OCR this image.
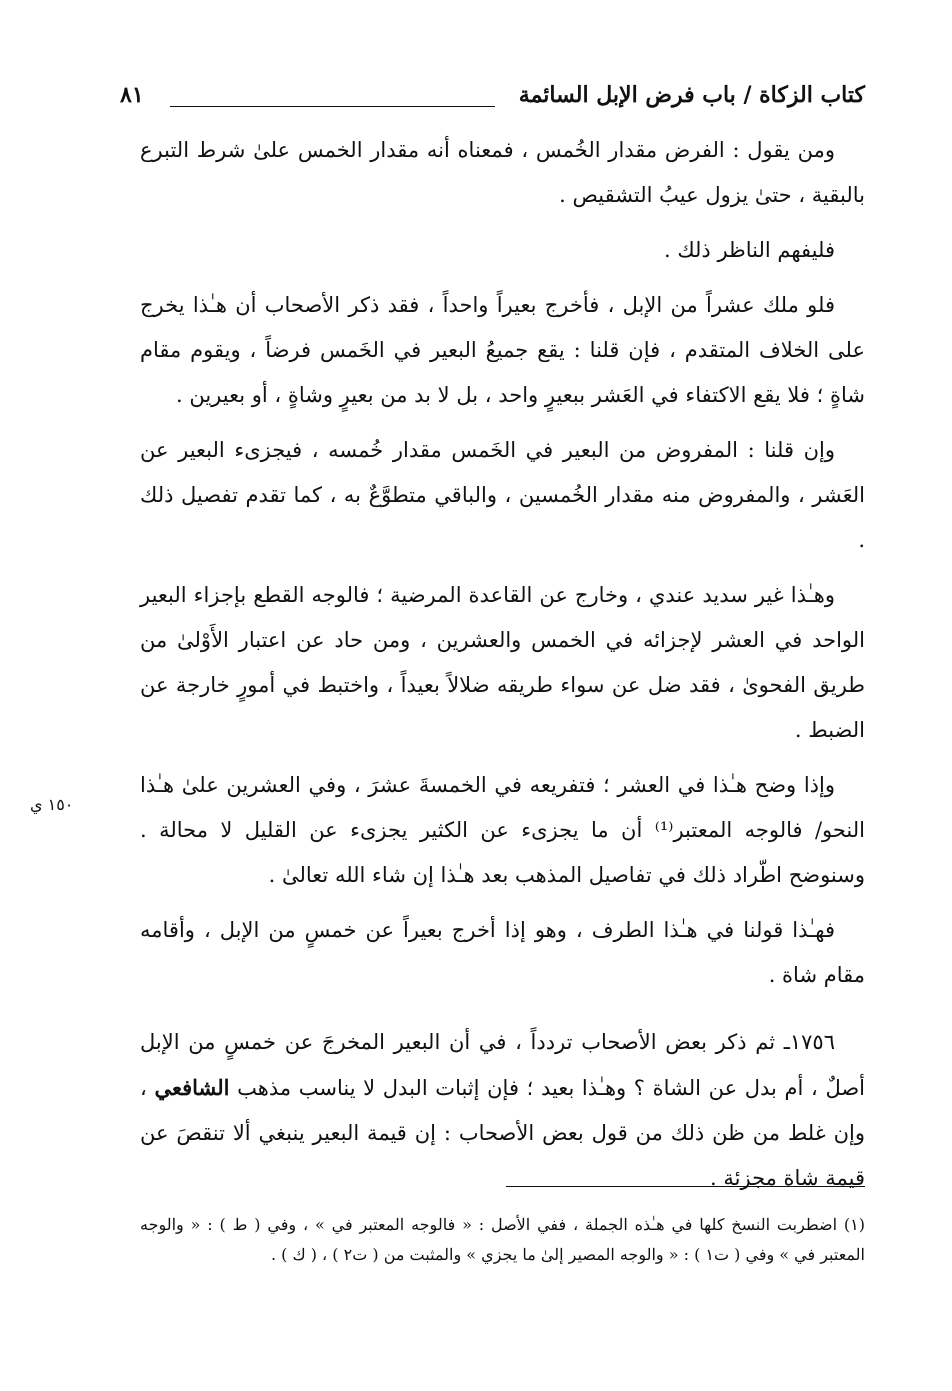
كتاب الزكاة / باب فرض الإبل السائمة
٨١

ومن يقول : الفرض مقدار الخُمس ، فمعناه أنه مقدار الخمس علىٰ شرط التبرع بالبقية ، حتىٰ يزول عيبُ التشقيص .

فليفهم الناظر ذلك .

فلو ملك عشراً من الإبل ، فأخرج بعيراً واحداً ، فقد ذكر الأصحاب أن هـٰذا يخرج على الخلاف المتقدم ، فإن قلنا : يقع جميعُ البعير في الخَمس فرضاً ، ويقوم مقام شاةٍ ؛ فلا يقع الاكتفاء في العَشر ببعيرٍ واحد ، بل لا بد من بعيرٍ وشاةٍ ، أو بعيرين .

وإن قلنا : المفروض من البعير في الخَمس مقدار خُمسه ، فيجزىء البعير عن العَشر ، والمفروض منه مقدار الخُمسين ، والباقي متطوَّعٌ به ، كما تقدم تفصيل ذلك .

وهـٰذا غير سديد عندي ، وخارج عن القاعدة المرضية ؛ فالوجه القطع بإجزاء البعير الواحد في العشر لإجزائه في الخمس والعشرين ، ومن حاد عن اعتبار الأَوْلىٰ من طريق الفحوىٰ ، فقد ضل عن سواء طريقه ضلالاً بعيداً ، واختبط في أمورٍ خارجة عن الضبط .

وإذا وضح هـٰذا في العشر ؛ فتفريعه في الخمسةَ عشرَ ، وفي العشرين علىٰ هـٰذا النحو/ فالوجه المعتبر⁽¹⁾ أن ما يجزىء عن الكثير يجزىء عن القليل لا محالة . وسنوضح اطّراد ذلك في تفاصيل المذهب بعد هـٰذا إن شاء الله تعالىٰ .

فهـٰذا قولنا في هـٰذا الطرف ، وهو إذا أخرج بعيراً عن خمسٍ من الإبل ، وأقامه مقام شاة .

١٧٥٦ـ ثم ذكر بعض الأصحاب تردداً ، في أن البعير المخرجَ عن خمسٍ من الإبل أصلٌ ، أم بدل عن الشاة ؟ وهـٰذا بعيد ؛ فإن إثبات البدل لا يناسب مذهب الشافعي ، وإن غلط من ظن ذلك من قول بعض الأصحاب : إن قيمة البعير ينبغي ألا تنقصَ عن قيمة شاة مجزئة .

١٥٠ ي

(١) اضطربت النسخ كلها في هـٰذه الجملة ، ففي الأصل : « فالوجه المعتبر في » ، وفي ( ط ) : « والوجه المعتبر في » وفي ( ت١ ) : « والوجه المصير إلىٰ ما يجزي » والمثبت من ( ت٢ ) ، ( ك ) .
